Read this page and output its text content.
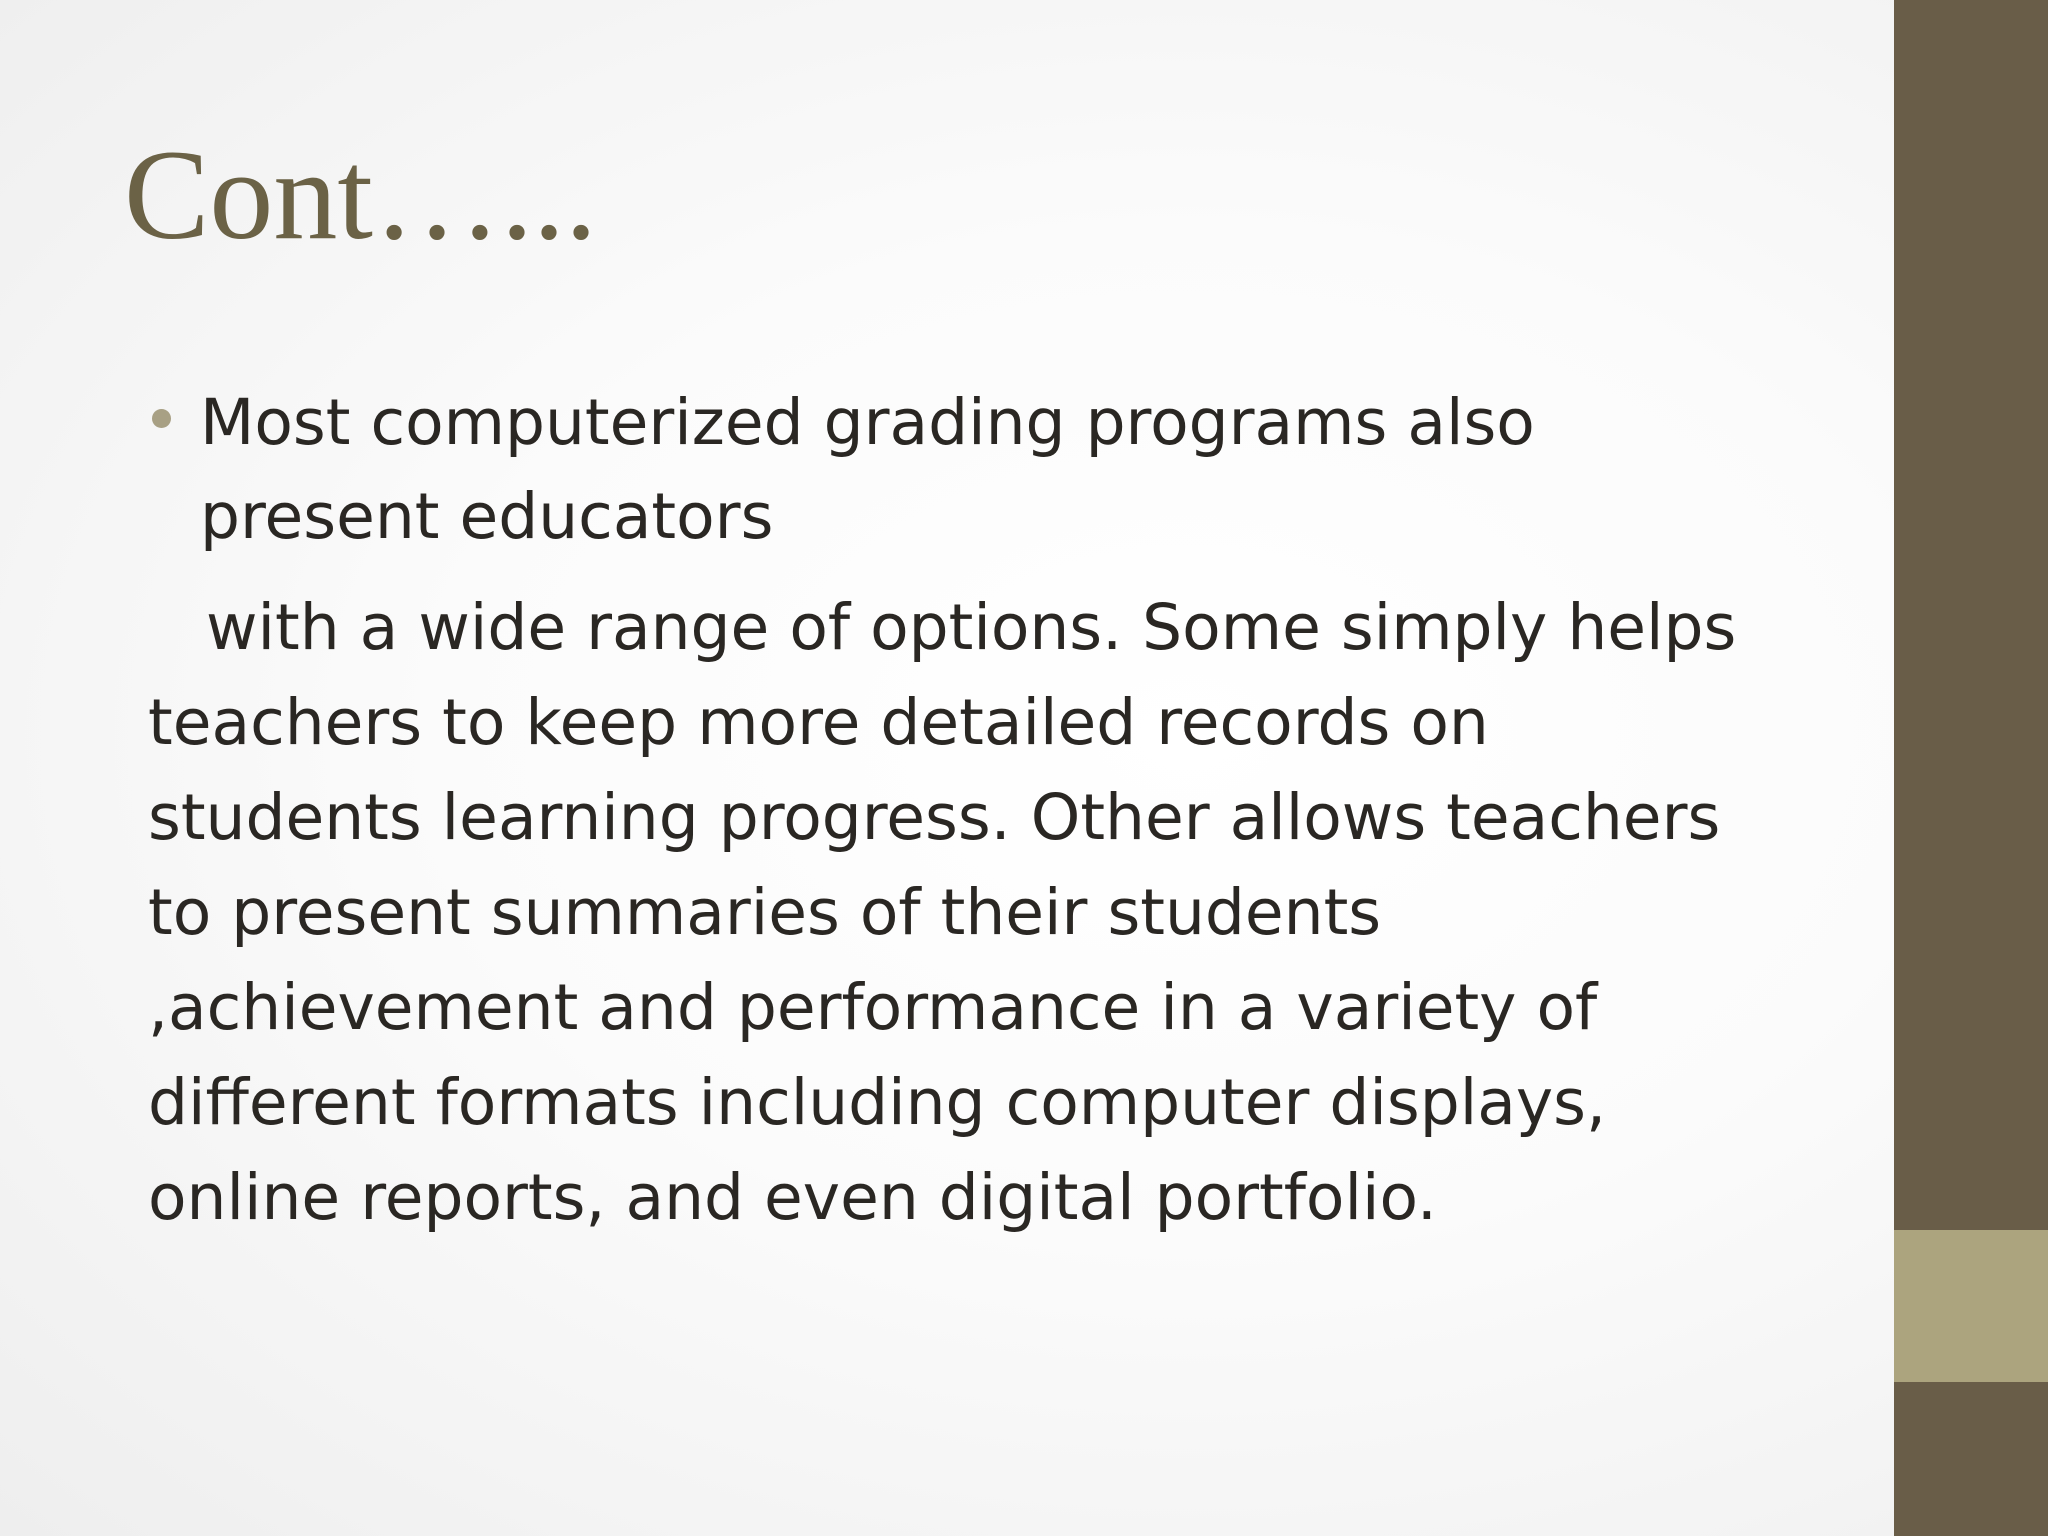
Cont…...
Most computerized grading programs also present educators
with a wide range of options. Some simply helps teachers to keep more detailed records on students learning progress. Other allows teachers to present summaries of their students ,achievement and performance in a variety of different formats including computer displays, online reports, and even digital portfolio.
